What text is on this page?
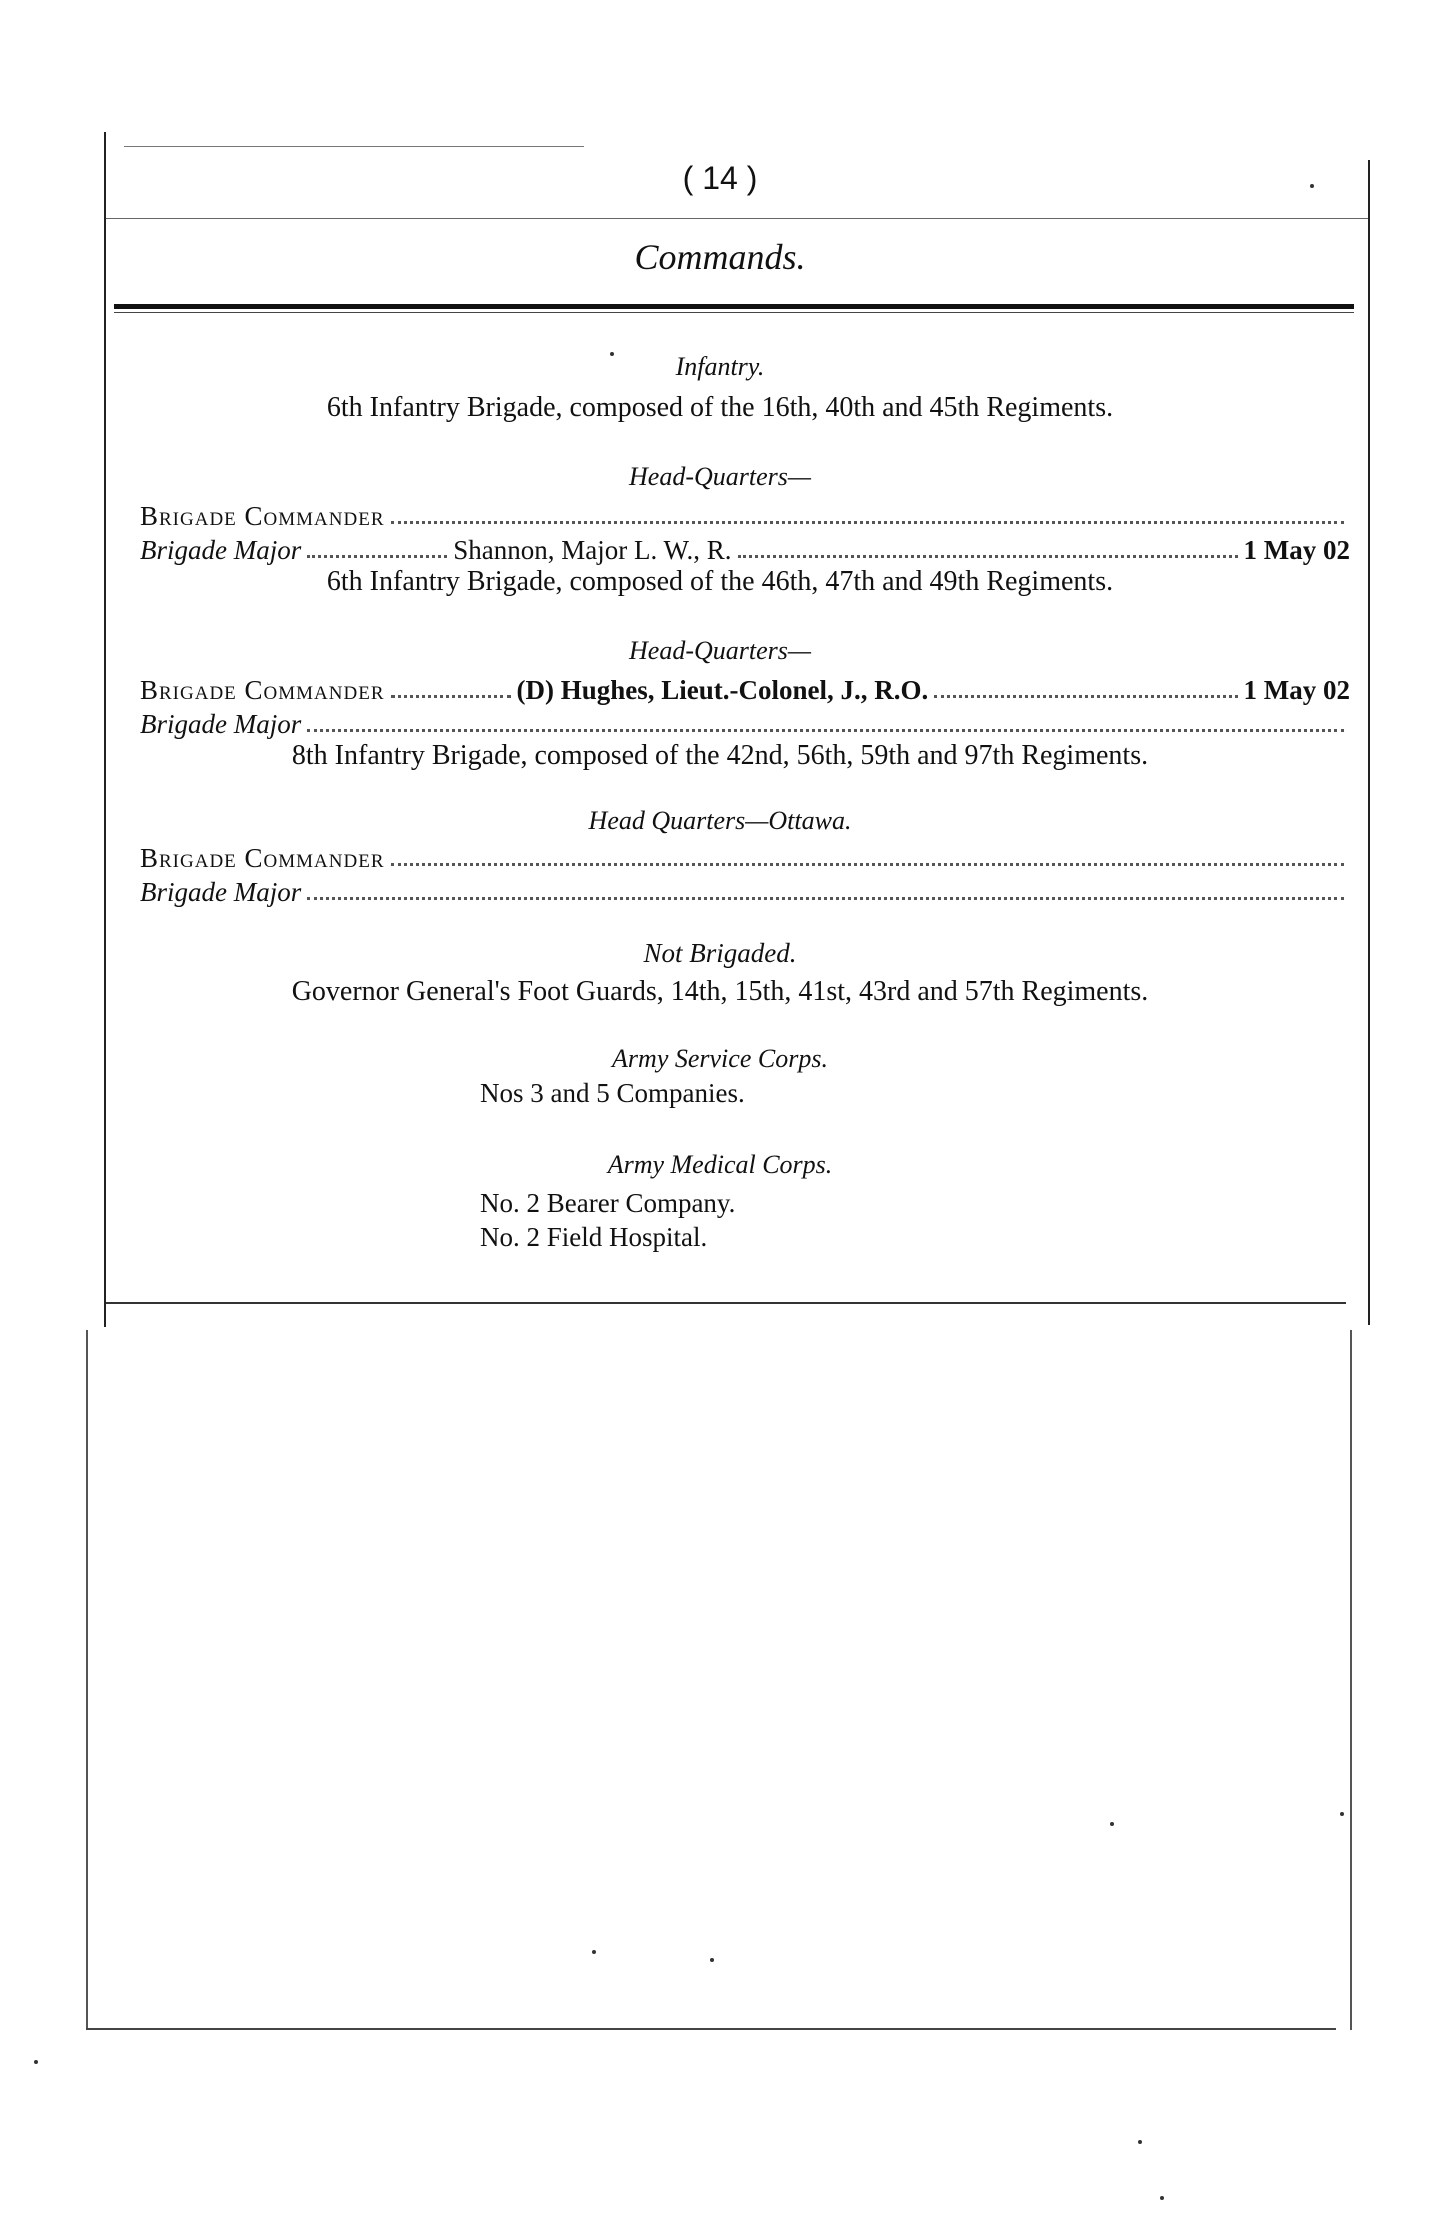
( 14 )
Commands.
Infantry.
6th Infantry Brigade, composed of the 16th, 40th and 45th Regiments.
Head-Quarters—
Brigade Commander
Brigade Major	Shannon, Major L. W., R.	1 May 02
6th Infantry Brigade, composed of the 46th, 47th and 49th Regiments.
Head-Quarters—
Brigade Commander	(D) Hughes, Lieut.-Colonel, J., R.O.	1 May 02
Brigade Major
8th Infantry Brigade, composed of the 42nd, 56th, 59th and 97th Regiments.
Head Quarters—Ottawa.
Brigade Commander
Brigade Major
Not Brigaded.
Governor General's Foot Guards, 14th, 15th, 41st, 43rd and 57th Regiments.
Army Service Corps.
Nos 3 and 5 Companies.
Army Medical Corps.
No. 2 Bearer Company.
No. 2 Field Hospital.
